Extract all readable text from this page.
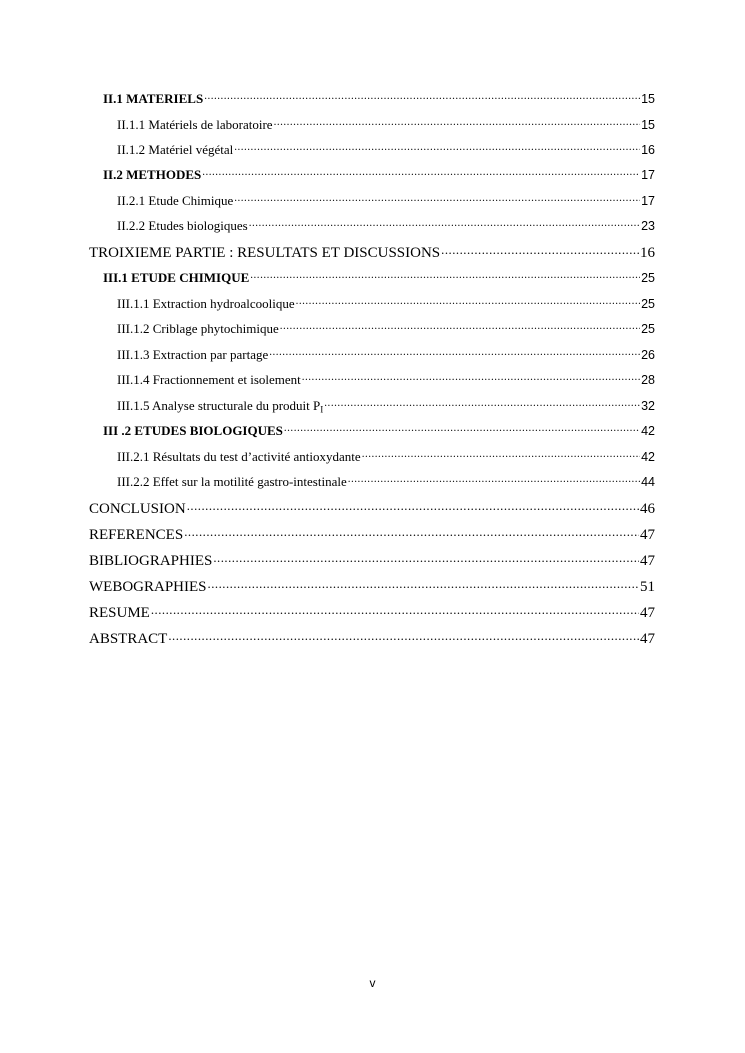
II.1 MATERIELS .....	15
II.1.1 Matériels de laboratoire .....	15
II.1.2 Matériel végétal .....	16
II.2 METHODES .....	17
II.2.1 Etude Chimique .....	17
II.2.2 Etudes biologiques .....	23
TROIXIEME PARTIE : RESULTATS ET DISCUSSIONS .....	16
III.1 ETUDE CHIMIQUE .....	25
III.1.1 Extraction hydroalcoolique .....	25
III.1.2 Criblage phytochimique .....	25
III.1.3 Extraction par partage .....	26
III.1.4 Fractionnement et isolement .....	28
III.1.5 Analyse structurale du produit $P_I$ .....	32
III .2 ETUDES BIOLOGIQUES .....	42
III.2.1 Résultats du test d’activité antioxydante .....	42
III.2.2 Effet sur la motilité gastro-intestinale .....	44
CONCLUSION .....	46
REFERENCES .....	47
BIBLIOGRAPHIES .....	47
WEBOGRAPHIES .....	51
RESUME .....	47
ABSTRACT .....	47
v
